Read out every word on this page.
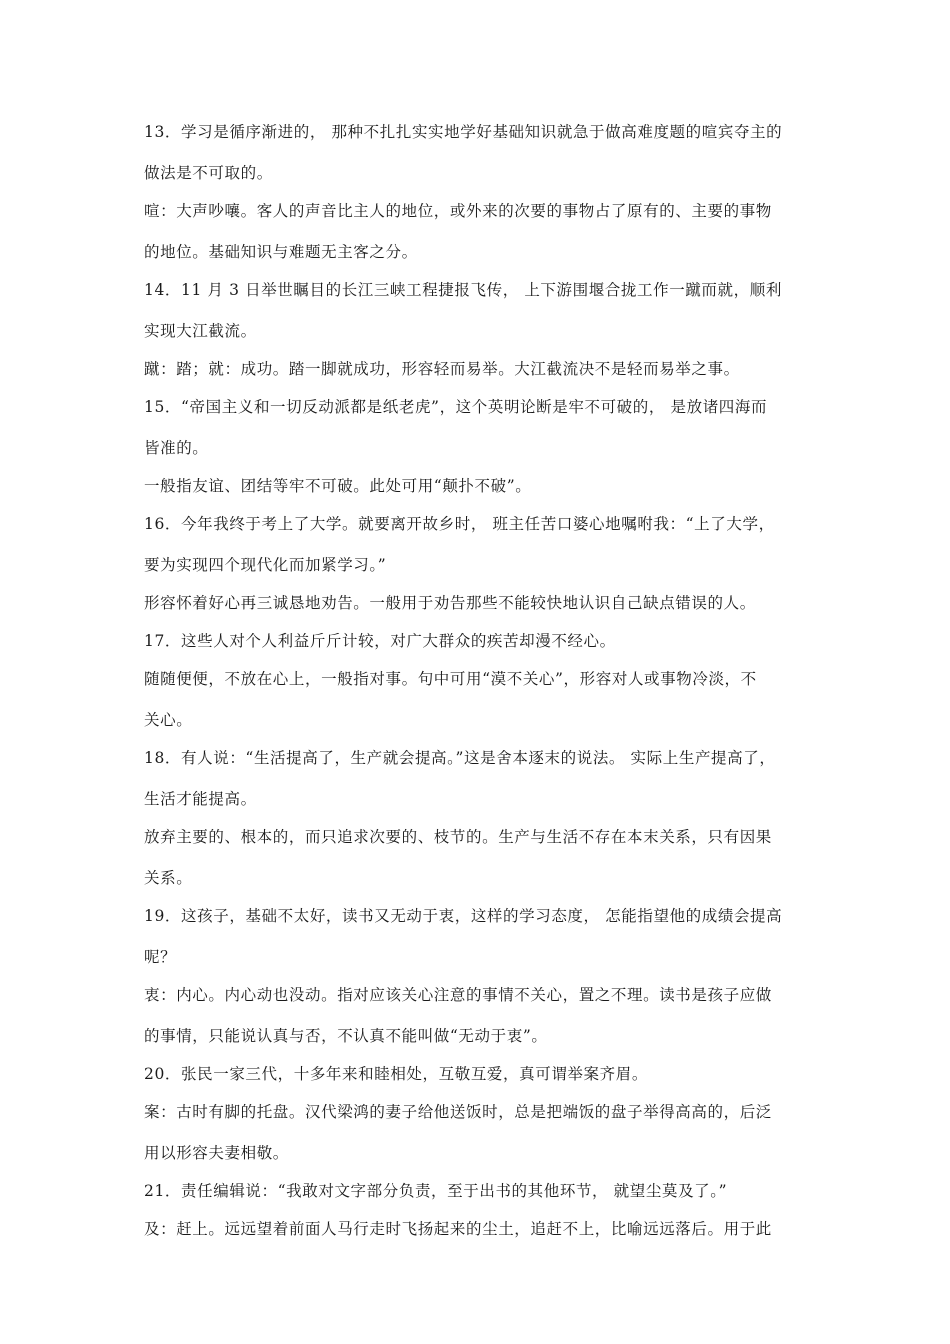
13．学习是循序渐进的， 那种不扎扎实实地学好基础知识就急于做高难度题的喧宾夺主的
做法是不可取的。
喧：大声吵嚷。客人的声音比主人的地位，或外来的次要的事物占了原有的、主要的事物
的地位。基础知识与难题无主客之分。
14．11 月 3 日举世瞩目的长江三峡工程捷报飞传， 上下游围堰合拢工作一蹴而就，顺利
实现大江截流。
蹴：踏；就：成功。踏一脚就成功，形容轻而易举。大江截流决不是轻而易举之事。
15．“帝国主义和一切反动派都是纸老虎”，这个英明论断是牢不可破的， 是放诸四海而
皆准的。
一般指友谊、团结等牢不可破。此处可用“颠扑不破”。
16．今年我终于考上了大学。就要离开故乡时， 班主任苦口婆心地嘱咐我：“上了大学，
要为实现四个现代化而加紧学习。”
形容怀着好心再三诚恳地劝告。一般用于劝告那些不能较快地认识自己缺点错误的人。
17．这些人对个人利益斤斤计较，对广大群众的疾苦却漫不经心。
随随便便，不放在心上，一般指对事。句中可用“漠不关心”，形容对人或事物冷淡，不
关心。
18．有人说：“生活提高了，生产就会提高。”这是舍本逐末的说法。 实际上生产提高了，
生活才能提高。
放弃主要的、根本的，而只追求次要的、枝节的。生产与生活不存在本末关系，只有因果
关系。
19．这孩子，基础不太好，读书又无动于衷，这样的学习态度， 怎能指望他的成绩会提高
呢？
衷：内心。内心动也没动。指对应该关心注意的事情不关心，置之不理。读书是孩子应做
的事情，只能说认真与否，不认真不能叫做“无动于衷”。
20．张民一家三代，十多年来和睦相处，互敬互爱，真可谓举案齐眉。
案：古时有脚的托盘。汉代梁鸿的妻子给他送饭时，总是把端饭的盘子举得高高的，后泛
用以形容夫妻相敬。
21．责任编辑说：“我敢对文字部分负责，至于出书的其他环节， 就望尘莫及了。”
及：赶上。远远望着前面人马行走时飞扬起来的尘土，追赶不上，比喻远远落后。用于此
